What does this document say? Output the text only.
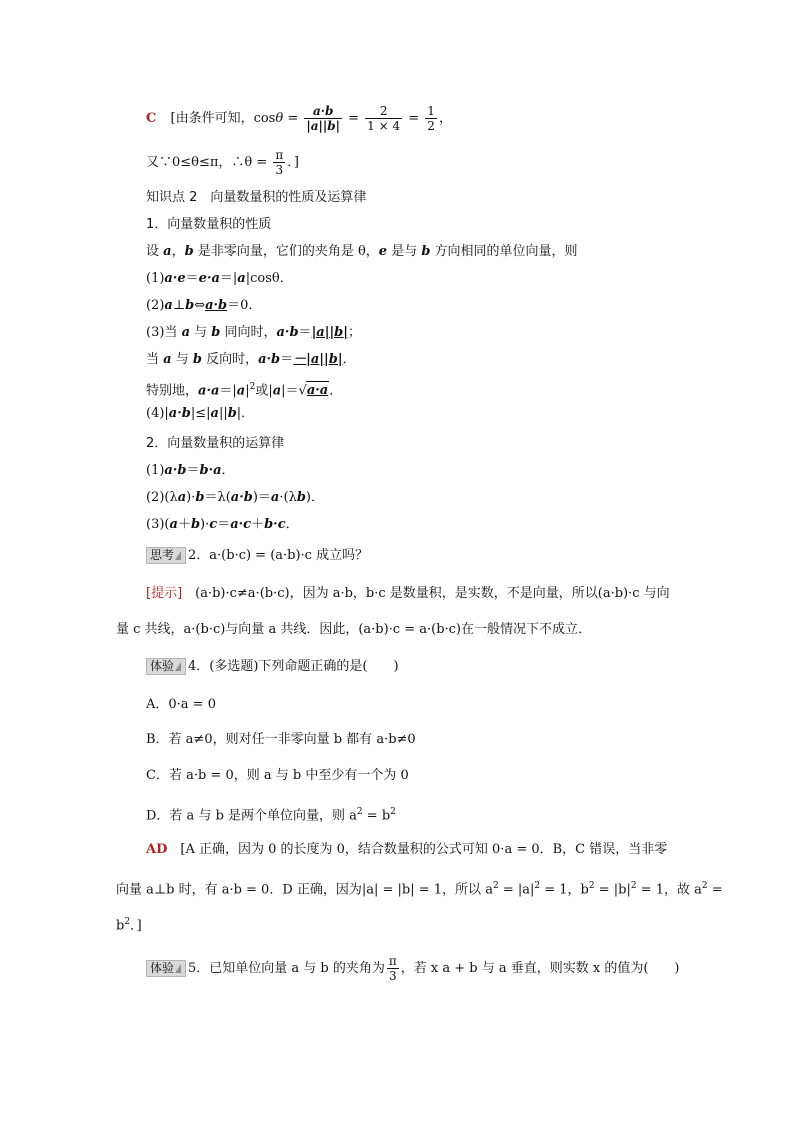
C [由条件可知，$\cos\theta = \frac{a\cdot b}{|a||b|} = \frac{2}{1 \times 4} = \frac{1}{2}$ ，
又∵0≤θ≤π，∴θ = $\frac{\pi}{3}$ ．]
知识点 2　向量数量积的性质及运算律
1．向量数量积的性质
设 a，b 是非零向量，它们的夹角是 θ，e 是与 b 方向相同的单位向量，则
(1)a·e＝e·a＝|a|cosθ．
(2)a⊥b⇔a·b＝0．
(3)当 a 与 b 同向时，a·b＝|a||b|；
当 a 与 b 反向时，a·b＝－|a||b|．
特别地，$a\cdot a=|a|^2$或|a|＝√a·a．
(4)|a·b|≤|a||b|．
2．向量数量积的运算律
(1)a·b＝b·a．
(2)(λa)·b＝λ(a·b)＝a·(λb)．
(3)(a＋b)·c＝a·c＋b·c．
思考 2．a·(b·c) = (a·b)·c 成立吗？
[提示]　(a·b)·c≠a·(b·c)，因为 a·b，b·c 是数量积，是实数，不是向量，所以(a·b)·c 与向
量 c 共线，a·(b·c)与向量 a 共线．因此，(a·b)·c = a·(b·c)在一般情况下不成立．
体验 4．(多选题)下列命题正确的是(　　)
A．0·a = 0
B．若 a≠0，则对任一非零向量 b 都有 a·b≠0
C．若 a·b = 0，则 a 与 b 中至少有一个为 0
D．若 a 与 b 是两个单位向量，则 $a^2 = b^2$
AD　[A 正确，因为 0 的长度为 0，结合数量积的公式可知 0·a = 0．B，C 错误，当非零
向量 a⊥b 时，有 a·b = 0．D 正确，因为|a| = |b| = 1，所以 $a^2 = |a|^2 = 1$，$b^2 = |b|^2 = 1$，故 $a^2$ =
$b^2$．]
体验 5．已知单位向量 a 与 b 的夹角为 $\frac{\pi}{3}$ ，若 x a + b 与 a 垂直，则实数 x 的值为(　　)
